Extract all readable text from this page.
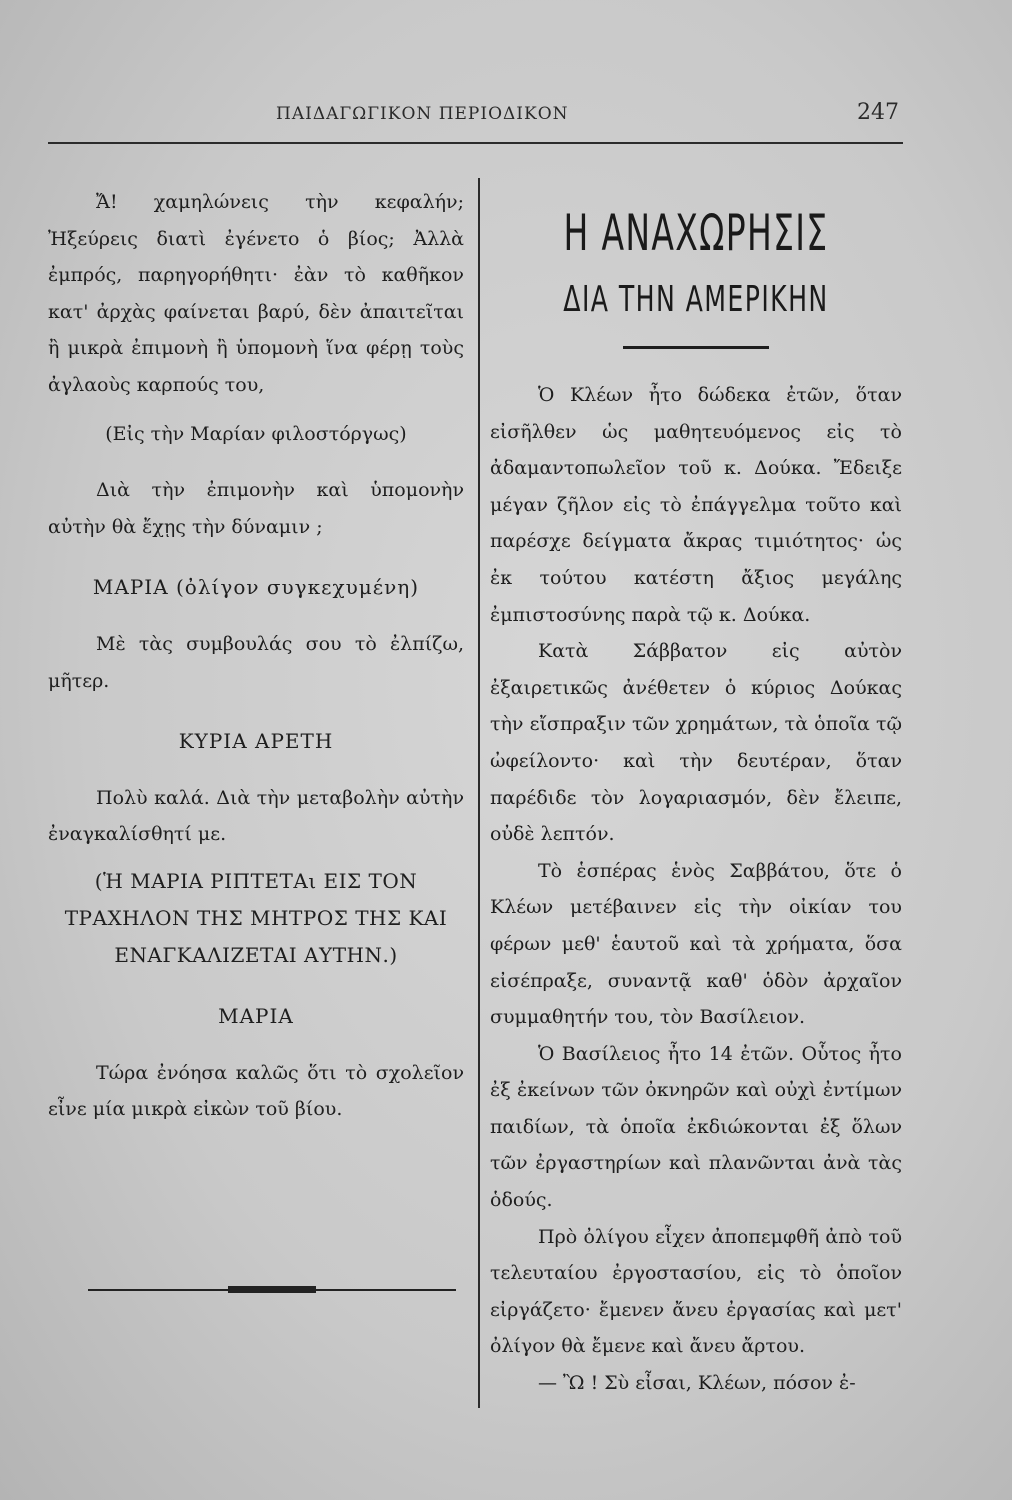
ΠΑΙΔΑΓΩΓΙΚΟΝ ΠΕΡΙΟΔΙΚΟΝ	247

Ἄ! χαμηλώνεις τὴν κεφαλήν; Ἠξεύρεις διατὶ ἐγένετο ὁ βίος; Ἀλλὰ ἐμπρός, παρηγορήθητι· ἐὰν τὸ καθῆκον κατ' ἀρχὰς φαίνεται βαρύ, δὲν ἀπαιτεῖται ἢ μικρὰ ἐπιμονὴ ἢ ὑπομονὴ ἵνα φέρῃ τοὺς ἀγλαοὺς καρπούς του,

(Εἰς τὴν Μαρίαν φιλοστόργως)

Διὰ τὴν ἐπιμονὴν καὶ ὑπομονὴν αὐτὴν θὰ ἔχῃς τὴν δύναμιν ;

ΜΑΡΙΑ (ὀλίγον συγκεχυμένη)

Μὲ τὰς συμβουλάς σου τὸ ἐλπίζω, μῆτερ.

ΚΥΡΙΑ ΑΡΕΤΗ

Πολὺ καλά. Διὰ τὴν μεταβολὴν αὐτὴν ἐναγκαλίσθητί με.

(Ἡ ΜΑΡΙΑ ΡΙΠΤΕΤΑι ΕΙΣ ΤΟΝ ΤΡΑΧΗΛΟΝ ΤΗΣ ΜΗΤΡΟΣ ΤΗΣ ΚΑΙ ΕΝΑΓΚΑΛΙΖΕΤΑΙ ΑΥΤΗΝ.)

ΜΑΡΙΑ

Τώρα ἐνόησα καλῶς ὅτι τὸ σχολεῖον εἶνε μία μικρὰ εἰκὼν τοῦ βίου.

Η ΑΝΑΧΩΡΗΣΙΣ

ΔΙΑ ΤΗΝ ΑΜΕΡΙΚΗΝ

Ὁ Κλέων ἦτο δώδεκα ἐτῶν, ὅταν εἰσῆλθεν ὡς μαθητευόμενος εἰς τὸ ἀδαμαντοπωλεῖον τοῦ κ. Δούκα. Ἔδειξε μέγαν ζῆλον εἰς τὸ ἐπάγγελμα τοῦτο καὶ παρέσχε δείγματα ἄκρας τιμιότητος· ὡς ἐκ τούτου κατέστη ἄξιος μεγάλης ἐμπιστοσύνης παρὰ τῷ κ. Δούκα.

Κατὰ Σάββατον εἰς αὐτὸν ἐξαιρετικῶς ἀνέθετεν ὁ κύριος Δούκας τὴν εἴσπραξιν τῶν χρημάτων, τὰ ὁποῖα τῷ ὠφείλοντο· καὶ τὴν δευτέραν, ὅταν παρέδιδε τὸν λογαριασμόν, δὲν ἔλειπε, οὐδὲ λεπτόν.

Τὸ ἑσπέρας ἑνὸς Σαββάτου, ὅτε ὁ Κλέων μετέβαινεν εἰς τὴν οἰκίαν του φέρων μεθ' ἑαυτοῦ καὶ τὰ χρήματα, ὅσα εἰσέπραξε, συναντᾷ καθ' ὁδὸν ἀρχαῖον συμμαθητήν του, τὸν Βασίλειον.

Ὁ Βασίλειος ἦτο 14 ἐτῶν. Οὗτος ἦτο ἐξ ἐκείνων τῶν ὀκνηρῶν καὶ οὐχὶ ἐντίμων παιδίων, τὰ ὁποῖα ἐκδιώκονται ἐξ ὅλων τῶν ἐργαστηρίων καὶ πλανῶνται ἀνὰ τὰς ὁδούς.

Πρὸ ὀλίγου εἶχεν ἀποπεμφθῆ ἀπὸ τοῦ τελευταίου ἐργοστασίου, εἰς τὸ ὁποῖον εἰργάζετο· ἔμενεν ἄνευ ἐργασίας καὶ μετ' ὀλίγον θὰ ἔμενε καὶ ἄνευ ἄρτου.

— Ὢ ! Σὺ εἶσαι, Κλέων, πόσον ἐ-
